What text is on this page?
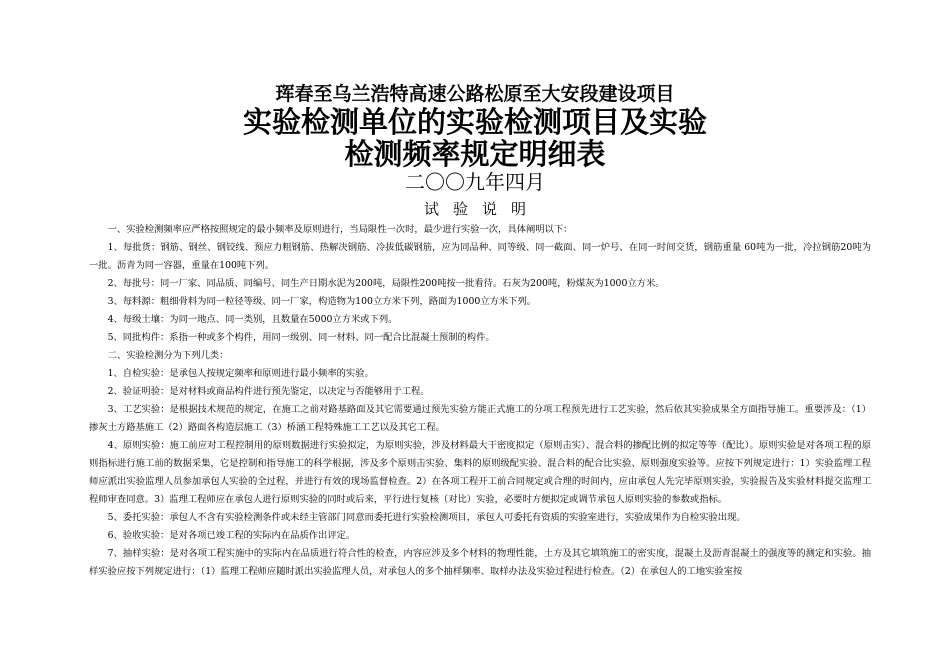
珲春至乌兰浩特高速公路松原至大安段建设项目
实验检测单位的实验检测项目及实验
检测频率规定明细表
二〇〇九年四月
试验说明

一、实验检测频率应严格按照规定的最小频率及原则进行，当局限性一次时，最少进行实验一次，具体阐明以下：

1、每批货：钢筋、钢丝、钢铰线、预应力粗钢筋、热解决钢筋、冷拔低碳钢筋，应为同品种、同等级、同一截面、同一炉号、在同一时间交货，钢筋重量 60吨为一批，冷拉钢筋20吨为一批。沥青为同一容器，重量在100吨下列。

2、每批号：同一厂家、同品质、同编号、同生产日期水泥为200吨，局限性200吨按一批看待。石灰为200吨，粉煤灰为1000立方米。

3、每料源：粗细骨料为同一粒径等级、同一厂家，构造物为100立方米下列，路面为1000立方米下列。

4、每级土壤：为同一地点、同一类别，且数量在5000立方米或下列。

5、同批构件：系指一种或多个构件，用同一级别、同一材料、同一配合比混凝土预制的构件。

二、实验检测分为下列几类：

1、自检实验：是承包人按规定频率和原则进行最小频率的实验。

2、验证明验：是对材料或商品构件进行预先鉴定，以决定与否能够用于工程。

3、工艺实验：是根据技术规范的规定，在施工之前对路基路面及其它需要通过预先实验方能正式施工的分项工程预先进行工艺实验，然后依其实验成果全方面指导施工。重要涉及：（1）掺灰土方路基施工（2）路面各构造层施工（3）桥涵工程特殊施工工艺以及其它工程。

4、原则实验：施工前应对工程控制用的原则数据进行实验拟定，为原则实验，涉及材料最大干密度拟定（原则击实）、混合料的掺配比例的拟定等等（配比）。原则实验是对各项工程的原则指标进行施工前的数据采集，它是控制和指导施工的科学根据，涉及多个原则击实验、集料的原则级配实验、混合料的配合比实验、原则强度实验等。应按下列规定进行：1）实验监理工程师应派出实验监理人员参加承包人实验的全过程，并进行有效的现场监督检查。2）在各项工程开工前合同规定或合理的时间内，应由承包人先完毕原则实验，实验报告及实验材料提交监理工程师审查同意。3）监理工程师应在承包人进行原则实验的同时或后来，平行进行复核（对比）实验，必要时方便拟定或调节承包人原则实验的参数或指标。

5、委托实验：承包人不含有实验检测条件或未经主管部门同意而委托进行实验检测项目，承包人可委托有资质的实验室进行，实验成果作为自检实验出现。

6、验收实验：是对各项已竣工程的实际内在品质作出评定。

7、抽样实验：是对各项工程实施中的实际内在品质进行符合性的检查，内容应涉及多个材料的物理性能，土方及其它填筑施工的密实度，混凝土及沥青混凝土的强度等的测定和实验。抽样实验应按下列规定进行：（1）监理工程师应随时派出实验监理人员，对承包人的多个抽样频率、取样办法及实验过程进行检查。（2）在承包人的工地实验室按
